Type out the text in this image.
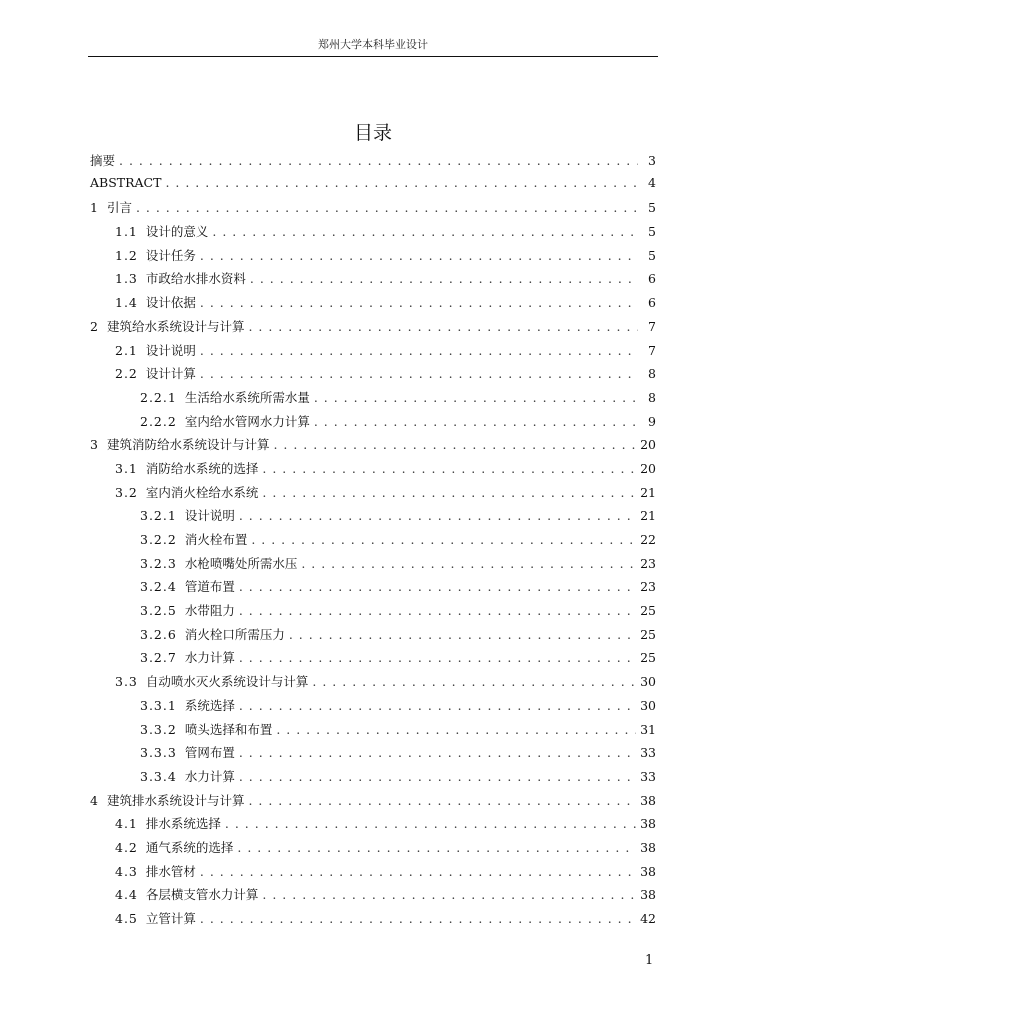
郑州大学本科毕业设计
目录
摘要 . . .	3
ABSTRACT . . .	4
1 引言 . . .	5
1.1 设计的意义 . . .	5
1.2 设计任务 . . .	5
1.3 市政给水排水资料 . . .	6
1.4 设计依据 . . .	6
2 建筑给水系统设计与计算 . . .	7
2.1 设计说明 . . .	7
2.2 设计计算 . . .	8
2.2.1 生活给水系统所需水量 . . .	8
2.2.2 室内给水管网水力计算 . . .	9
3 建筑消防给水系统设计与计算 . . .	20
3.1 消防给水系统的选择 . . .	20
3.2 室内消火栓给水系统 . . .	21
3.2.1 设计说明 . . .	21
3.2.2 消火栓布置 . . .	22
3.2.3 水枪喷嘴处所需水压 . . .	23
3.2.4 管道布置 . . .	23
3.2.5 水带阻力 . . .	25
3.2.6 消火栓口所需压力 . . .	25
3.2.7 水力计算 . . .	25
3.3 自动喷水灭火系统设计与计算 . . .	30
3.3.1 系统选择 . . .	30
3.3.2 喷头选择和布置 . . .	31
3.3.3 管网布置 . . .	33
3.3.4 水力计算 . . .	33
4 建筑排水系统设计与计算 . . .	38
4.1 排水系统选择 . . .	38
4.2 通气系统的选择 . . .	38
4.3 排水管材 . . .	38
4.4 各层横支管水力计算 . . .	38
4.5 立管计算 . . .	42
1
